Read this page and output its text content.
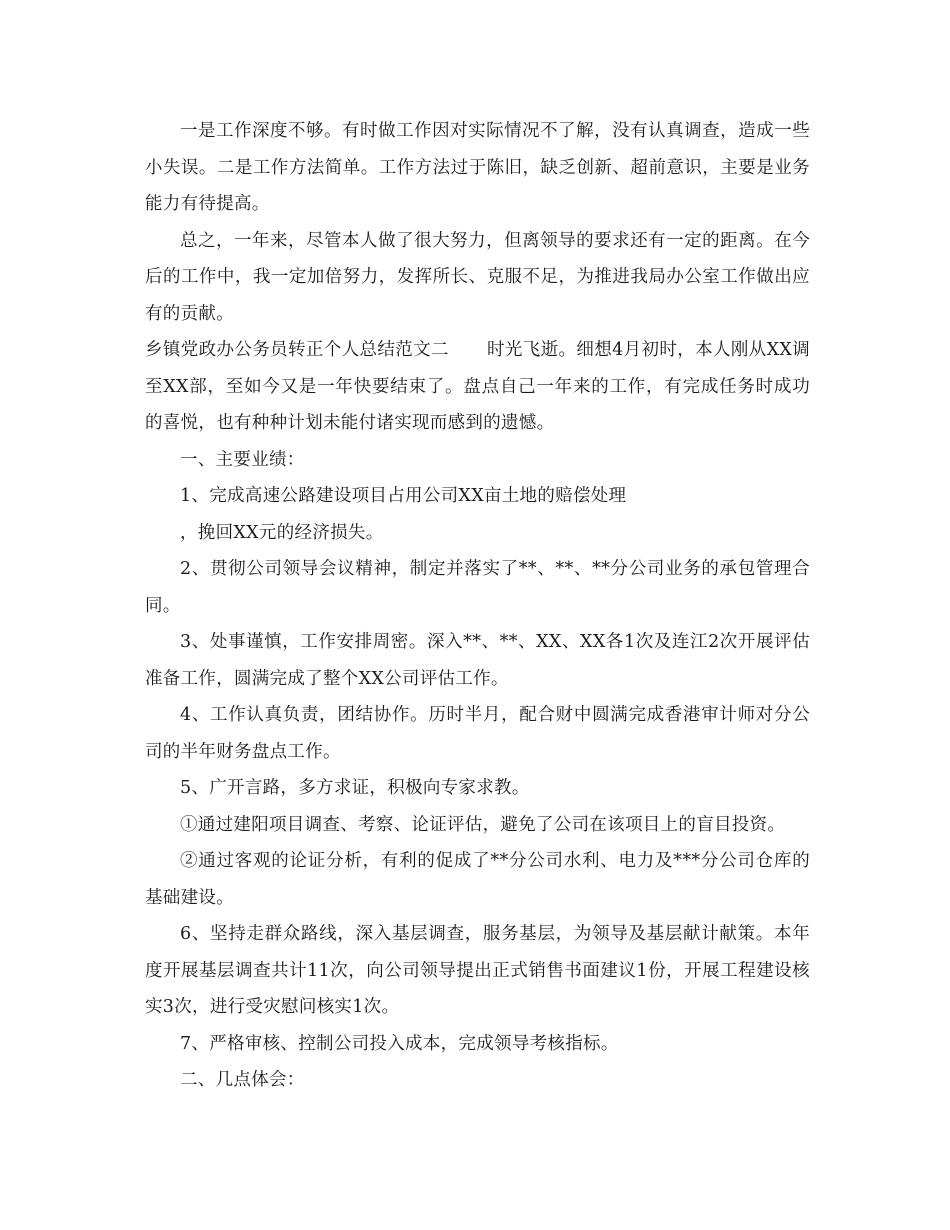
一是工作深度不够。有时做工作因对实际情况不了解，没有认真调查，造成一些小失误。二是工作方法简单。工作方法过于陈旧，缺乏创新、超前意识，主要是业务能力有待提高。

总之，一年来，尽管本人做了很大努力，但离领导的要求还有一定的距离。在今后的工作中，我一定加倍努力，发挥所长、克服不足，为推进我局办公室工作做出应有的贡献。

乡镇党政办公务员转正个人总结范文二 时光飞逝。细想4月初时，本人刚从XX调至XX部，至如今又是一年快要结束了。盘点自己一年来的工作，有完成任务时成功的喜悦，也有种种计划未能付诸实现而感到的遗憾。

一、主要业绩：

1、完成高速公路建设项目占用公司XX亩土地的赔偿处理

，挽回XX元的经济损失。

2、贯彻公司领导会议精神，制定并落实了**、**、**分公司业务的承包管理合同。

3、处事谨慎，工作安排周密。深入**、**、XX、XX各1次及连江2次开展评估准备工作，圆满完成了整个XX公司评估工作。

4、工作认真负责，团结协作。历时半月，配合财中圆满完成香港审计师对分公司的半年财务盘点工作。

5、广开言路，多方求证，积极向专家求教。

①通过建阳项目调查、考察、论证评估，避免了公司在该项目上的盲目投资。

②通过客观的论证分析，有利的促成了**分公司水利、电力及***分公司仓库的基础建设。

6、坚持走群众路线，深入基层调查，服务基层，为领导及基层献计献策。本年度开展基层调查共计11次，向公司领导提出正式销售书面建议1份，开展工程建设核实3次，进行受灾慰问核实1次。

7、严格审核、控制公司投入成本，完成领导考核指标。

二、几点体会：
